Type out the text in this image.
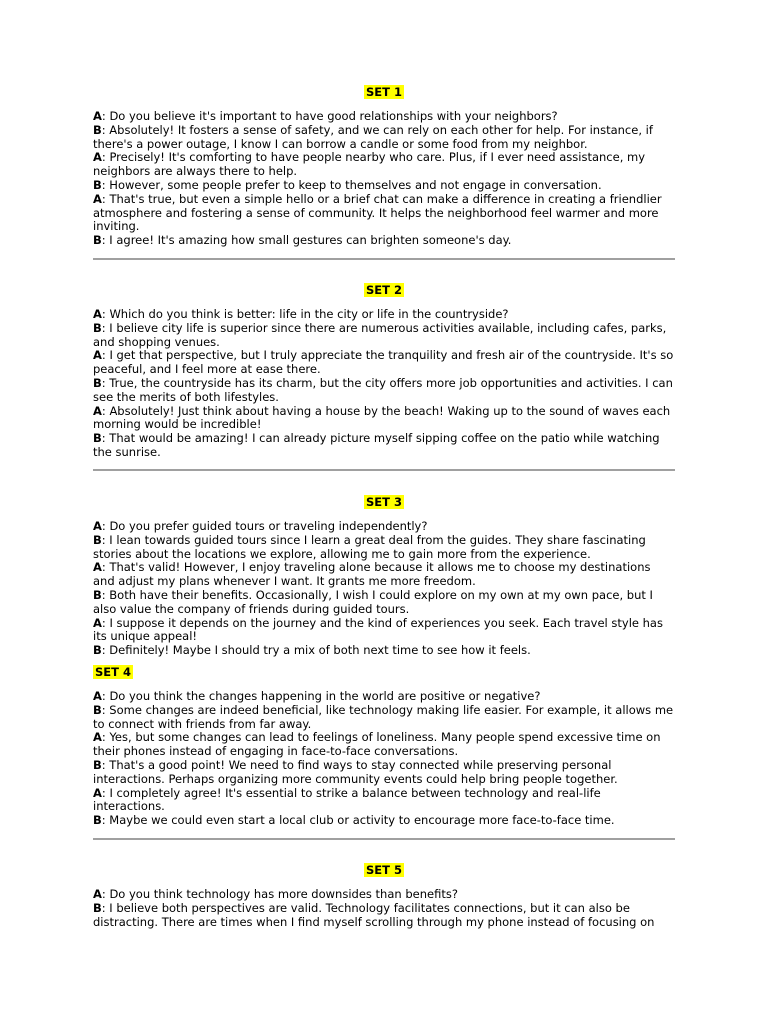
SET 1

A: Do you believe it's important to have good relationships with your neighbors?

B: Absolutely! It fosters a sense of safety, and we can rely on each other for help. For instance, if there's a power outage, I know I can borrow a candle or some food from my neighbor.

A: Precisely! It's comforting to have people nearby who care. Plus, if I ever need assistance, my neighbors are always there to help.

B: However, some people prefer to keep to themselves and not engage in conversation.

A: That's true, but even a simple hello or a brief chat can make a difference in creating a friendlier atmosphere and fostering a sense of community. It helps the neighborhood feel warmer and more inviting.

B: I agree! It's amazing how small gestures can brighten someone's day.

SET 2

A: Which do you think is better: life in the city or life in the countryside?

B: I believe city life is superior since there are numerous activities available, including cafes, parks, and shopping venues.

A: I get that perspective, but I truly appreciate the tranquility and fresh air of the countryside. It's so peaceful, and I feel more at ease there.

B: True, the countryside has its charm, but the city offers more job opportunities and activities. I can see the merits of both lifestyles.

A: Absolutely! Just think about having a house by the beach! Waking up to the sound of waves each morning would be incredible!

B: That would be amazing! I can already picture myself sipping coffee on the patio while watching the sunrise.

SET 3

A: Do you prefer guided tours or traveling independently?

B: I lean towards guided tours since I learn a great deal from the guides. They share fascinating stories about the locations we explore, allowing me to gain more from the experience.

A: That's valid! However, I enjoy traveling alone because it allows me to choose my destinations and adjust my plans whenever I want. It grants me more freedom.

B: Both have their benefits. Occasionally, I wish I could explore on my own at my own pace, but I also value the company of friends during guided tours.

A: I suppose it depends on the journey and the kind of experiences you seek. Each travel style has its unique appeal!

B: Definitely! Maybe I should try a mix of both next time to see how it feels.

SET 4

A: Do you think the changes happening in the world are positive or negative?

B: Some changes are indeed beneficial, like technology making life easier. For example, it allows me to connect with friends from far away.

A: Yes, but some changes can lead to feelings of loneliness. Many people spend excessive time on their phones instead of engaging in face-to-face conversations.

B: That's a good point! We need to find ways to stay connected while preserving personal interactions. Perhaps organizing more community events could help bring people together.

A: I completely agree! It's essential to strike a balance between technology and real-life interactions.

B: Maybe we could even start a local club or activity to encourage more face-to-face time.

SET 5

A: Do you think technology has more downsides than benefits?

B: I believe both perspectives are valid. Technology facilitates connections, but it can also be distracting. There are times when I find myself scrolling through my phone instead of focusing on
